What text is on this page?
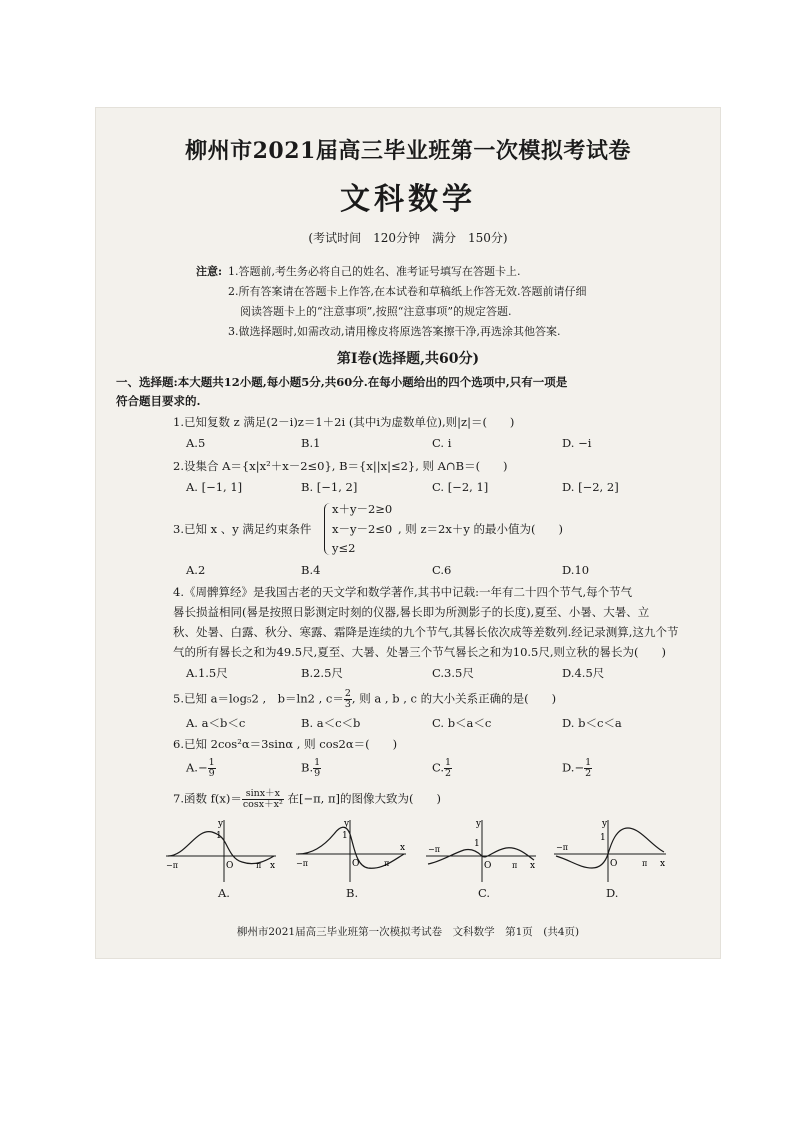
柳州市2021届高三毕业班第一次模拟考试卷
文科数学
(考试时间　120分钟　满分　150分)
注意: 1.答题前,考生务必将自己的姓名、准考证号填写在答题卡上.
2.所有答案请在答题卡上作答,在本试卷和草稿纸上作答无效.答题前请仔细
阅读答题卡上的“注意事项”,按照“注意事项”的规定答题.
3.做选择题时,如需改动,请用橡皮将原选答案擦干净,再选涂其他答案.
第Ⅰ卷(选择题,共60分)
一、选择题:本大题共12小题,每小题5分,共60分.在每小题给出的四个选项中,只有一项是
符合题目要求的.
1.已知复数 z 满足(2－i)z＝1＋2i (其中i为虚数单位),则|z|＝(　　)
A.5	B.1	C. i	D. −i
2.设集合 A＝{x|x²＋x－2≤0}, B＝{x||x|≤2}, 则 A∩B＝(　　)
A. [−1, 1]	B. [−1, 2]	C. [−2, 1]	D. [−2, 2]
3.已知 x 、y 满足约束条件
x＋y－2≥0
x－y－2≤0
y≤2
, 则 z＝2x＋y 的最小值为(　　)
A.2	B.4	C.6	D.10
4.《周髀算经》是我国古老的天文学和数学著作,其书中记载:一年有二十四个节气,每个节气
晷长损益相同(晷是按照日影测定时刻的仪器,晷长即为所测影子的长度),夏至、小暑、大暑、立
秋、处暑、白露、秋分、寒露、霜降是连续的九个节气,其晷长依次成等差数列.经记录测算,这九个节
气的所有晷长之和为49.5尺,夏至、大暑、处暑三个节气晷长之和为10.5尺,则立秋的晷长为(　　)
A.1.5尺	B.2.5尺	C.3.5尺	D.4.5尺
5.已知 a＝log₅2 ,　b＝ln2 , $c= \frac{2}{3}$ , 则 a , b , c 的大小关系正确的是(　　)
A. a＜b＜c	B. a＜c＜b	C. b＜a＜c	D. b＜c＜a
6.已知 2cos²α＝3sinα , 则 cos2α＝(　　)
$A.- \frac{1}{9}$	B. $\frac{1}{9}$	C. $\frac{1}{2}$	$D.- \frac{1}{2}$
7.函数 $f(x)= \frac{\sin x+x}{\text{cosx＋x²}}$ 在[−π, π]的图像大致为(　　)
y
1
O
−π	π x
y
1
O
−π	π
x
y
1
O
−π
π x
y
1
O
−π
π x
A.	B.	C.	D.
柳州市2021届高三毕业班第一次模拟考试卷　文科数学　第1页　(共4页)
